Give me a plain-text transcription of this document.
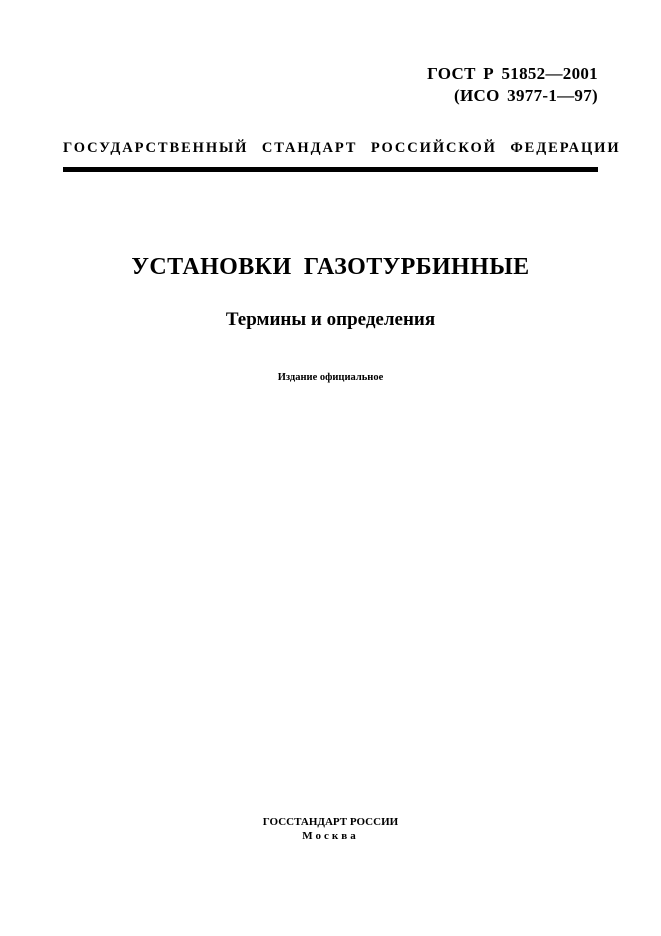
ГОСТ Р 51852—2001
(ИСО 3977-1—97)
ГОСУДАРСТВЕННЫЙ СТАНДАРТ РОССИЙСКОЙ ФЕДЕРАЦИИ
УСТАНОВКИ ГАЗОТУРБИННЫЕ
Термины и определения
Издание официальное
ГОССТАНДАРТ РОССИИ
Москва
